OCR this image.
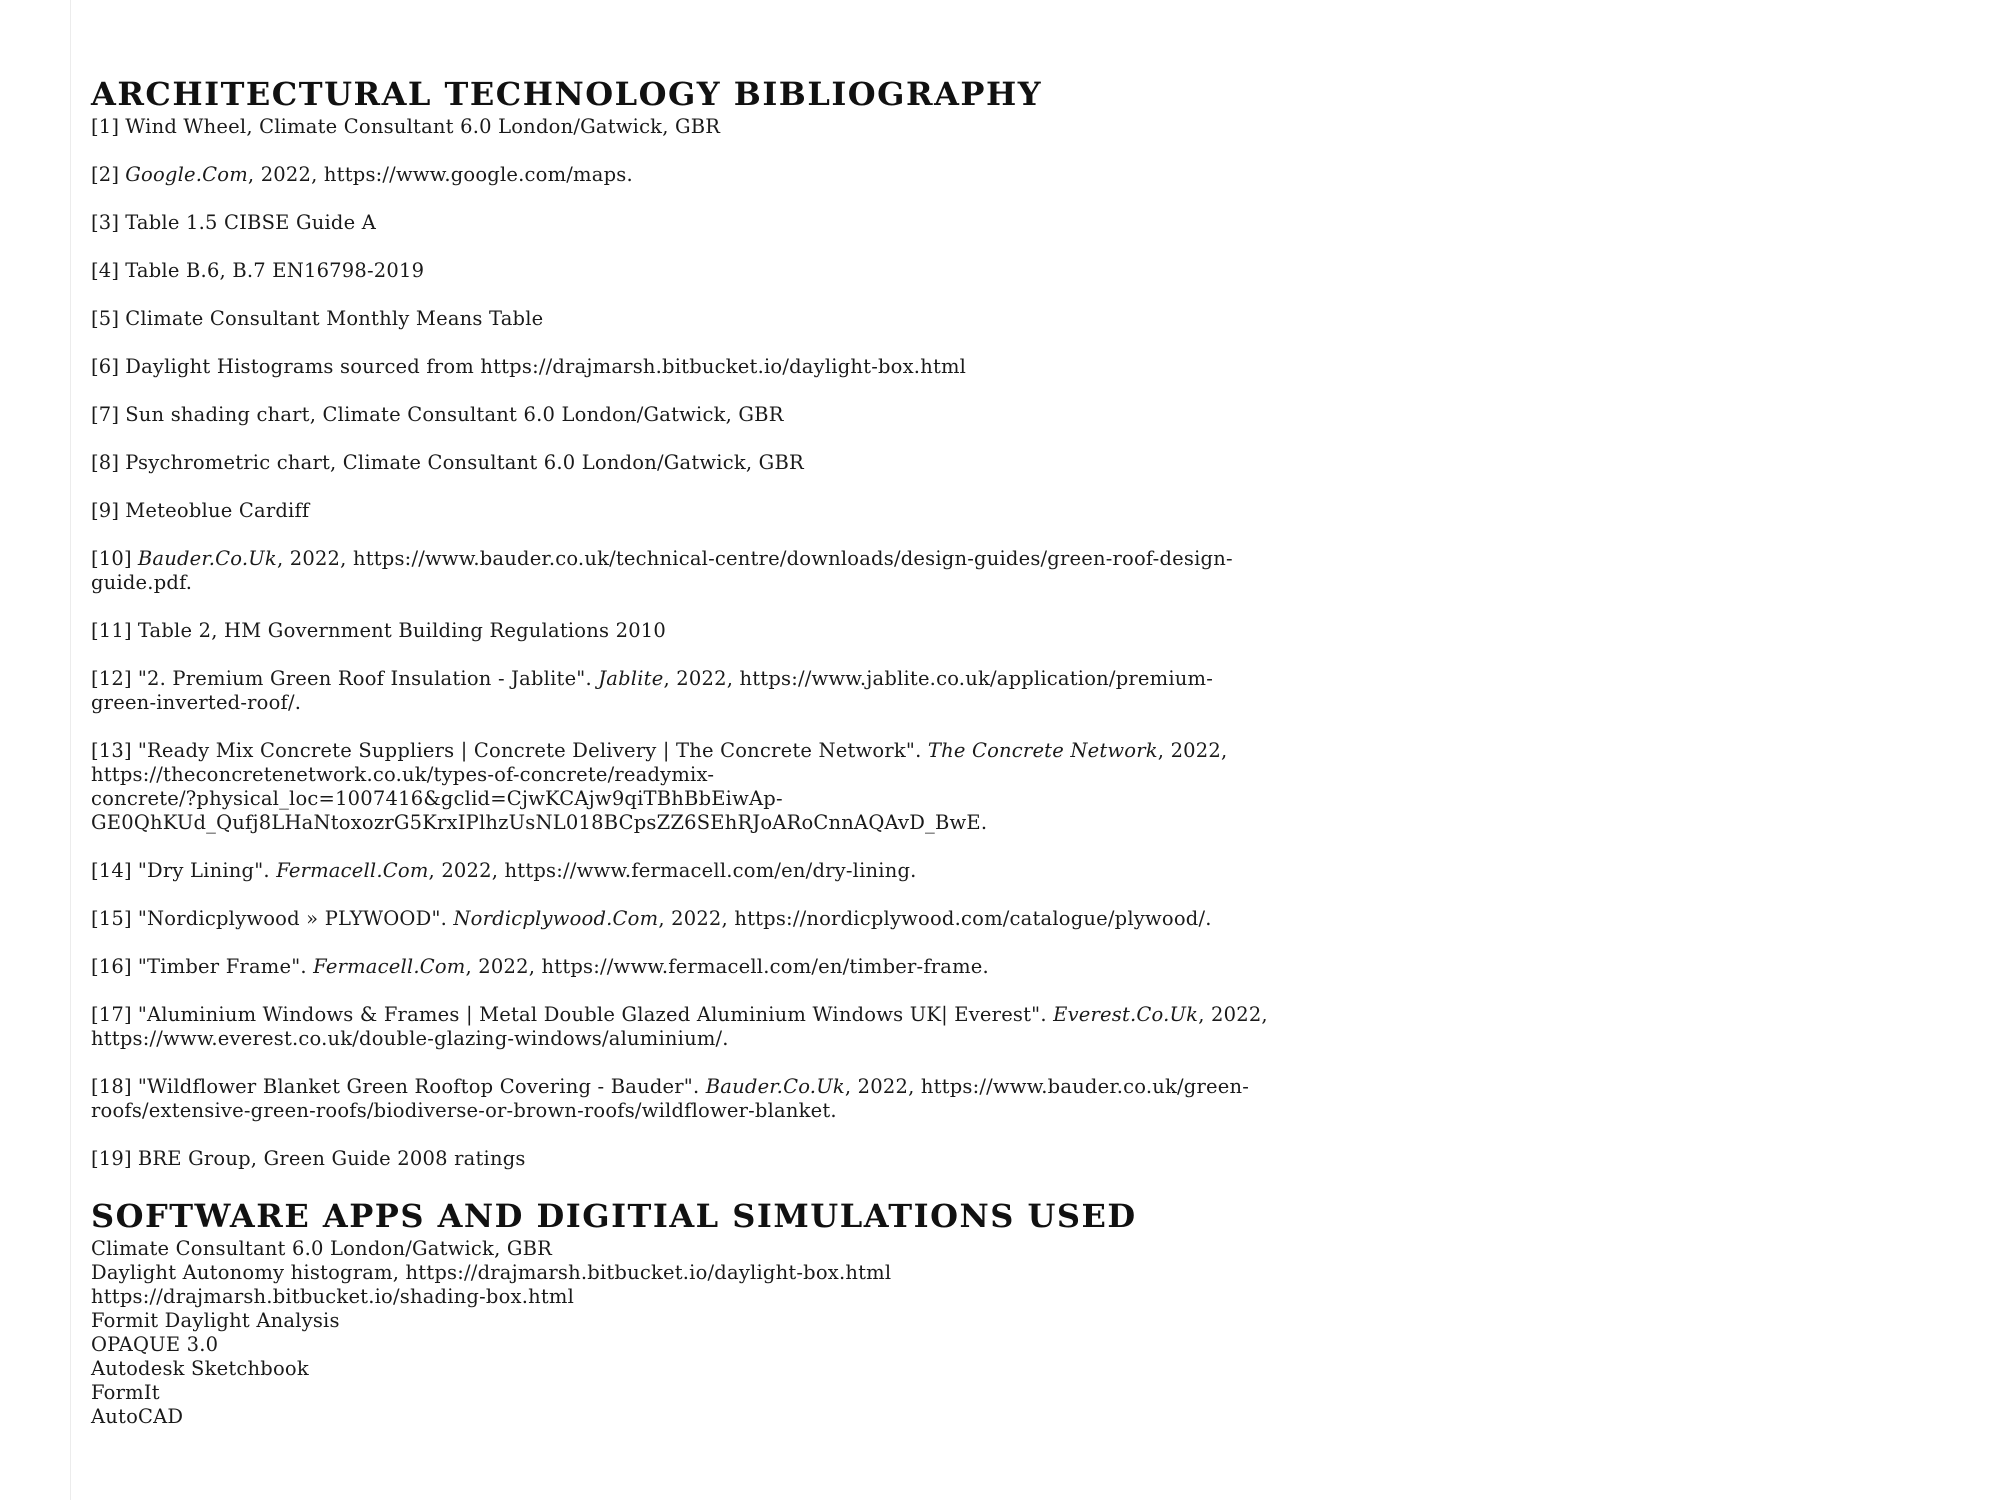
ARCHITECTURAL TECHNOLOGY BIBLIOGRAPHY
[1] Wind Wheel, Climate Consultant 6.0 London/Gatwick, GBR
[2] Google.Com, 2022, https://www.google.com/maps.
[3] Table 1.5 CIBSE Guide A
[4] Table B.6, B.7 EN16798-2019
[5] Climate Consultant Monthly Means Table
[6] Daylight Histograms sourced from https://drajmarsh.bitbucket.io/daylight-box.html
[7] Sun shading chart, Climate Consultant 6.0 London/Gatwick, GBR
[8] Psychrometric chart, Climate Consultant 6.0 London/Gatwick, GBR
[9] Meteoblue Cardiff
[10] Bauder.Co.Uk, 2022, https://www.bauder.co.uk/technical-centre/downloads/design-guides/green-roof-design-
guide.pdf.
[11] Table 2, HM Government Building Regulations 2010
[12] "2. Premium Green Roof Insulation - Jablite". Jablite, 2022, https://www.jablite.co.uk/application/premium-
green-inverted-roof/.
[13] "Ready Mix Concrete Suppliers | Concrete Delivery | The Concrete Network". The Concrete Network, 2022,
https://theconcretenetwork.co.uk/types-of-concrete/readymix-
concrete/?physical_loc=1007416&gclid=CjwKCAjw9qiTBhBbEiwAp-
GE0QhKUd_Qufj8LHaNtoxozrG5KrxIPlhzUsNL018BCpsZZ6SEhRJoARoCnnAQAvD_BwE.
[14] "Dry Lining". Fermacell.Com, 2022, https://www.fermacell.com/en/dry-lining.
[15] "Nordicplywood » PLYWOOD". Nordicplywood.Com, 2022, https://nordicplywood.com/catalogue/plywood/.
[16] "Timber Frame". Fermacell.Com, 2022, https://www.fermacell.com/en/timber-frame.
[17] "Aluminium Windows & Frames | Metal Double Glazed Aluminium Windows UK| Everest". Everest.Co.Uk, 2022,
https://www.everest.co.uk/double-glazing-windows/aluminium/.
[18] "Wildflower Blanket Green Rooftop Covering - Bauder". Bauder.Co.Uk, 2022, https://www.bauder.co.uk/green-
roofs/extensive-green-roofs/biodiverse-or-brown-roofs/wildflower-blanket.
[19] BRE Group, Green Guide 2008 ratings
SOFTWARE APPS AND DIGITIAL SIMULATIONS USED
Climate Consultant 6.0 London/Gatwick, GBR
Daylight Autonomy histogram, https://drajmarsh.bitbucket.io/daylight-box.html
https://drajmarsh.bitbucket.io/shading-box.html
Formit Daylight Analysis
OPAQUE 3.0
Autodesk Sketchbook
FormIt
AutoCAD
